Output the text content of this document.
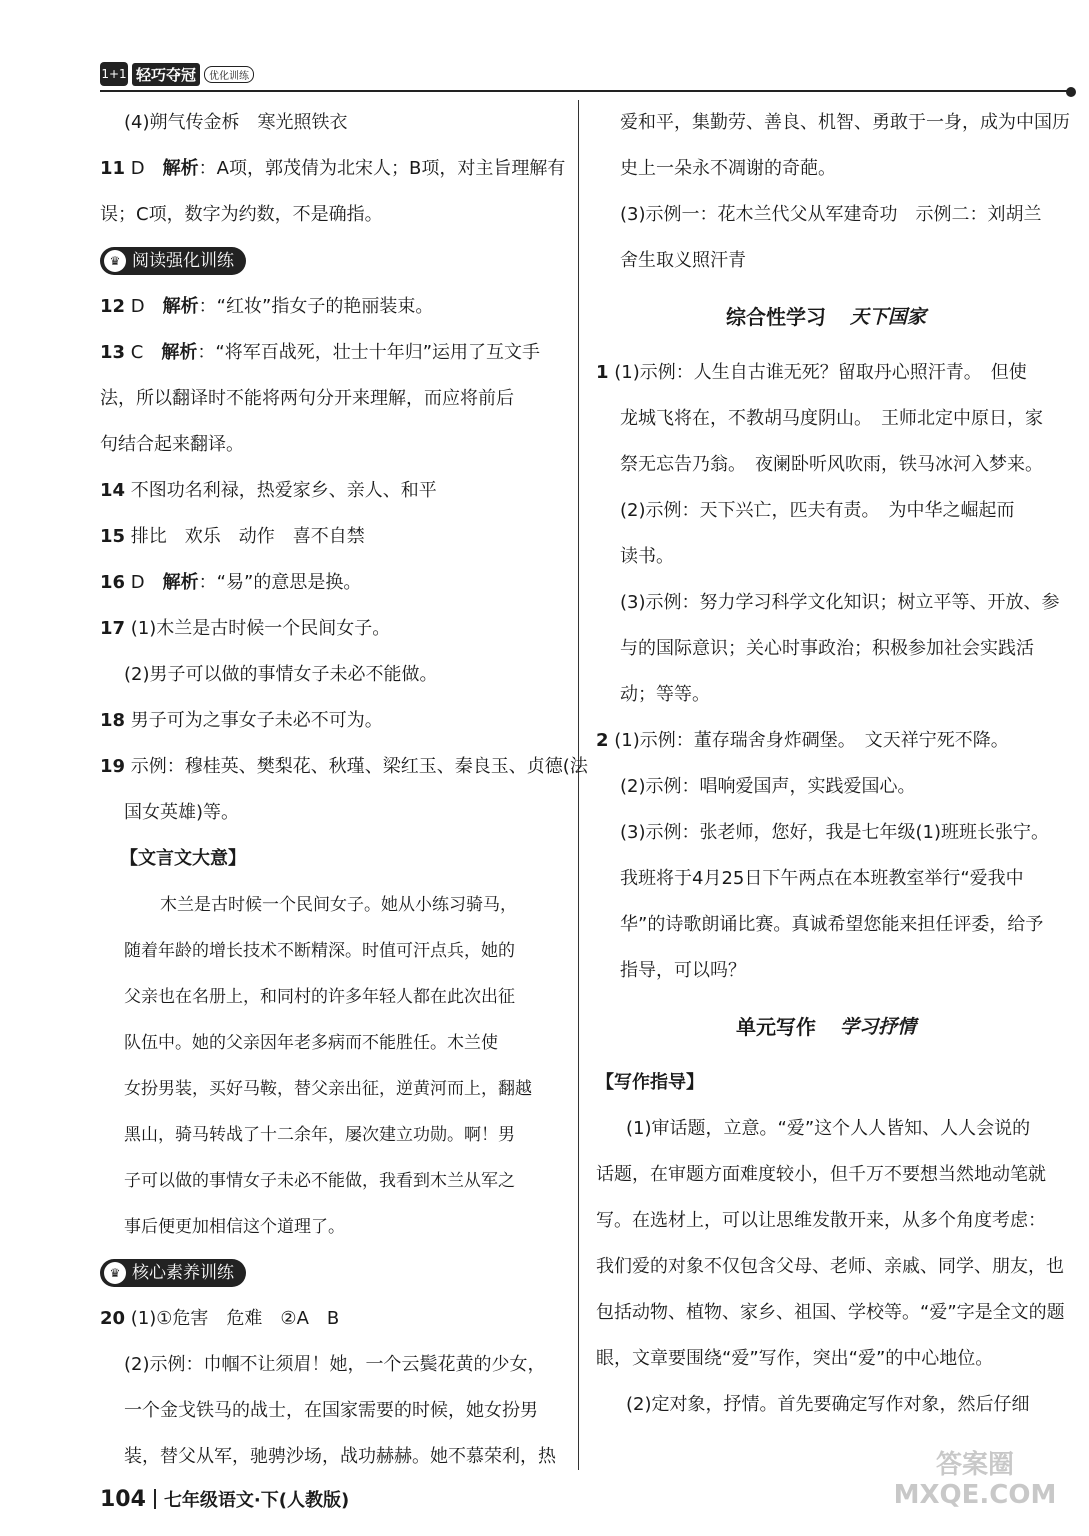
1+1 轻巧夺冠	优化训练
(4)朔气传金柝　寒光照铁衣
11 D　 解析：A项，郭茂倩为北宋人；B项，对主旨理解有
误；C项，数字为约数，不是确指。
♛ 阅读强化训练
12 D　 解析：“红妆”指女子的艳丽装束。
13 C　 解析：“将军百战死，壮士十年归”运用了互文手
法，所以翻译时不能将两句分开来理解，而应将前后
句结合起来翻译。
14 不图功名利禄，热爱家乡、亲人、和平
15 排比　欢乐　动作　喜不自禁
16 D　 解析：“易”的意思是换。
17 (1)木兰是古时候一个民间女子。
(2)男子可以做的事情女子未必不能做。
18 男子可为之事女子未必不可为。
19 示例：穆桂英、樊梨花、秋瑾、梁红玉、秦良玉、贞德(法
国女英雄)等。
【文言文大意】
木兰是古时候一个民间女子。她从小练习骑马，
随着年龄的增长技术不断精深。时值可汗点兵，她的
父亲也在名册上，和同村的许多年轻人都在此次出征
队伍中。她的父亲因年老多病而不能胜任。木兰使
女扮男装，买好马鞍，替父亲出征，逆黄河而上，翻越
黑山，骑马转战了十二余年，屡次建立功勋。啊！男
子可以做的事情女子未必不能做，我看到木兰从军之
事后便更加相信这个道理了。
♛ 核心素养训练
20 (1)①危害　危难　②A　B
(2)示例：巾帼不让须眉！她，一个云鬓花黄的少女，
一个金戈铁马的战士，在国家需要的时候，她女扮男
装，替父从军，驰骋沙场，战功赫赫。她不慕荣利，热
爱和平，集勤劳、善良、机智、勇敢于一身，成为中国历
史上一朵永不凋谢的奇葩。
(3)示例一：花木兰代父从军建奇功　示例二：刘胡兰
舍生取义照汗青
综合性学习 天下国家
1 (1)示例：人生自古谁无死？留取丹心照汗青。　但使
龙城飞将在，不教胡马度阴山。　王师北定中原日，家
祭无忘告乃翁。　夜阑卧听风吹雨，铁马冰河入梦来。
(2)示例：天下兴亡，匹夫有责。　为中华之崛起而
读书。
(3)示例：努力学习科学文化知识；树立平等、开放、参
与的国际意识；关心时事政治；积极参加社会实践活
动；等等。
2 (1)示例：董存瑞舍身炸碉堡。　文天祥宁死不降。
(2)示例：唱响爱国声，实践爱国心。
(3)示例：张老师，您好，我是七年级(1)班班长张宁。
我班将于4月25日下午两点在本班教室举行“爱我中
华”的诗歌朗诵比赛。真诚希望您能来担任评委，给予
指导，可以吗？
单元写作 学习抒情
【写作指导】
(1)审话题，立意。“爱”这个人人皆知、人人会说的
话题，在审题方面难度较小，但千万不要想当然地动笔就
写。在选材上，可以让思维发散开来，从多个角度考虑：
我们爱的对象不仅包含父母、老师、亲戚、同学、朋友，也
包括动物、植物、家乡、祖国、学校等。“爱”字是全文的题
眼，文章要围绕“爱”写作，突出“爱”的中心地位。
(2)定对象，抒情。首先要确定写作对象，然后仔细
104 七年级语文·下(人教版)
答案圈
MXQE.COM
